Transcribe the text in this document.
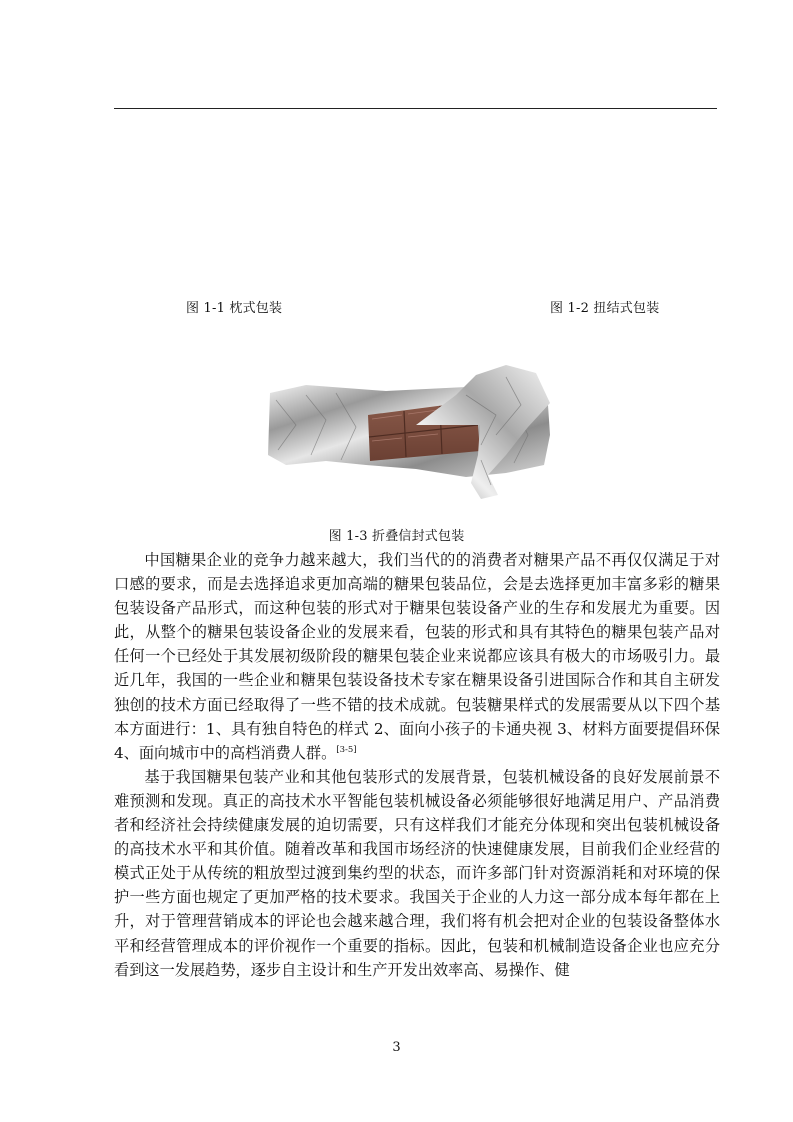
图 1-1 枕式包装	图 1-2 扭结式包装
图 1-3 折叠信封式包装

中国糖果企业的竞争力越来越大，我们当代的的消费者对糖果产品不再仅仅满足于对口感的要求，而是去选择追求更加高端的糖果包装品位，会是去选择更加丰富多彩的糖果包装设备产品形式，而这种包装的形式对于糖果包装设备产业的生存和发展尤为重要。因此，从整个的糖果包装设备企业的发展来看，包装的形式和具有其特色的糖果包装产品对任何一个已经处于其发展初级阶段的糖果包装企业来说都应该具有极大的市场吸引力。最近几年，我国的一些企业和糖果包装设备技术专家在糖果设备引进国际合作和其自主研发独创的技术方面已经取得了一些不错的技术成就。包装糖果样式的发展需要从以下四个基本方面进行：1、具有独自特色的样式 2、面向小孩子的卡通央视 3、材料方面要提倡环保 4、面向城市中的高档消费人群。[3-5]

基于我国糖果包装产业和其他包装形式的发展背景，包装机械设备的良好发展前景不难预测和发现。真正的高技术水平智能包装机械设备必须能够很好地满足用户、产品消费者和经济社会持续健康发展的迫切需要，只有这样我们才能充分体现和突出包装机械设备的高技术水平和其价值。随着改革和我国市场经济的快速健康发展，目前我们企业经营的模式正处于从传统的粗放型过渡到集约型的状态，而许多部门针对资源消耗和对环境的保护一些方面也规定了更加严格的技术要求。我国关于企业的人力这一部分成本每年都在上升，对于管理营销成本的评论也会越来越合理，我们将有机会把对企业的包装设备整体水平和经营管理成本的评价视作一个重要的指标。因此，包装和机械制造设备企业也应充分看到这一发展趋势，逐步自主设计和生产开发出效率高、易操作、健

3
